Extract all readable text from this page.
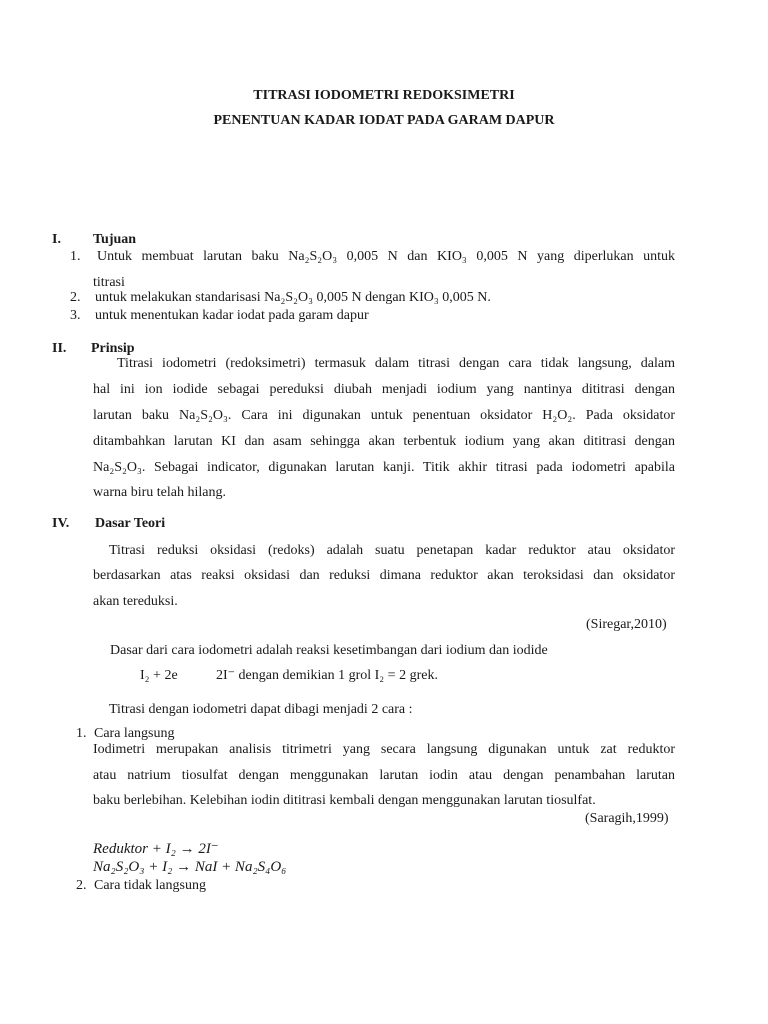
TITRASI IODOMETRI REDOKSIMETRI
PENENTUAN KADAR IODAT PADA GARAM DAPUR
I. Tujuan
1. Untuk membuat larutan baku Na₂S₂O₃ 0,005 N dan KIO₃ 0,005 N yang diperlukan untuk
titrasi
2. untuk melakukan standarisasi Na₂S₂O₃ 0,005 N dengan KIO₃ 0,005 N.
3. untuk menentukan kadar iodat pada garam dapur
II. Prinsip
Titrasi iodometri (redoksimetri) termasuk dalam titrasi dengan cara tidak langsung, dalam
hal ini ion iodide sebagai pereduksi diubah menjadi iodium yang nantinya dititrasi dengan
larutan baku Na₂S₂O₃. Cara ini digunakan untuk penentuan oksidator H₂O₂. Pada oksidator
ditambahkan larutan KI dan asam sehingga akan terbentuk iodium yang akan dititrasi dengan
Na₂S₂O₃. Sebagai indicator, digunakan larutan kanji. Titik akhir titrasi pada iodometri apabila
warna biru telah hilang.
IV. Dasar Teori
Titrasi reduksi oksidasi (redoks) adalah suatu penetapan kadar reduktor atau oksidator
berdasarkan atas reaksi oksidasi dan reduksi dimana reduktor akan teroksidasi dan oksidator
akan tereduksi.
(Siregar,2010)
Dasar dari cara iodometri adalah reaksi kesetimbangan dari iodium dan iodide
I₂ + 2e	2I⁻ dengan demikian 1 grol I₂ = 2 grek.
Titrasi dengan iodometri dapat dibagi menjadi 2 cara :
1. Cara langsung
Iodimetri merupakan analisis titrimetri yang secara langsung digunakan untuk zat reduktor
atau natrium tiosulfat dengan menggunakan larutan iodin atau dengan penambahan larutan
baku berlebihan. Kelebihan iodin dititrasi kembali dengan menggunakan larutan tiosulfat.
(Saragih,1999)
Reduktor + I₂ → 2I⁻
Na₂S₂O₃ + I₂ → NaI + Na₂S₄O₆
2. Cara tidak langsung
